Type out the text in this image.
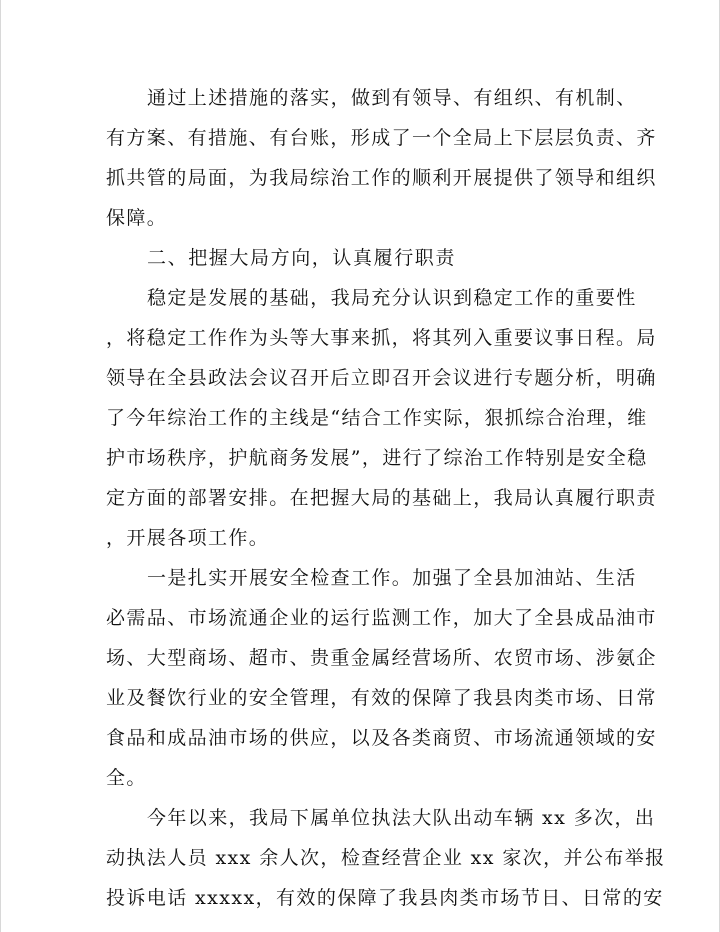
通过上述措施的落实，做到有领导、有组织、有机制、
有方案、有措施、有台账，形成了一个全局上下层层负责、齐
抓共管的局面，为我局综治工作的顺利开展提供了领导和组织
保障。
二、把握大局方向，认真履行职责
稳定是发展的基础，我局充分认识到稳定工作的重要性
，将稳定工作作为头等大事来抓，将其列入重要议事日程。局
领导在全县政法会议召开后立即召开会议进行专题分析，明确
了今年综治工作的主线是“结合工作实际，狠抓综合治理，维
护市场秩序，护航商务发展”，进行了综治工作特别是安全稳
定方面的部署安排。在把握大局的基础上，我局认真履行职责
，开展各项工作。
一是扎实开展安全检查工作。加强了全县加油站、生活
必需品、市场流通企业的运行监测工作，加大了全县成品油市
场、大型商场、超市、贵重金属经营场所、农贸市场、涉氨企
业及餐饮行业的安全管理，有效的保障了我县肉类市场、日常
食品和成品油市场的供应，以及各类商贸、市场流通领域的安
全。
今年以来，我局下属单位执法大队出动车辆 xx 多次，出
动执法人员 xxx 余人次，检查经营企业 xx 家次，并公布举报
投诉电话 xxxxx，有效的保障了我县肉类市场节日、日常的安
